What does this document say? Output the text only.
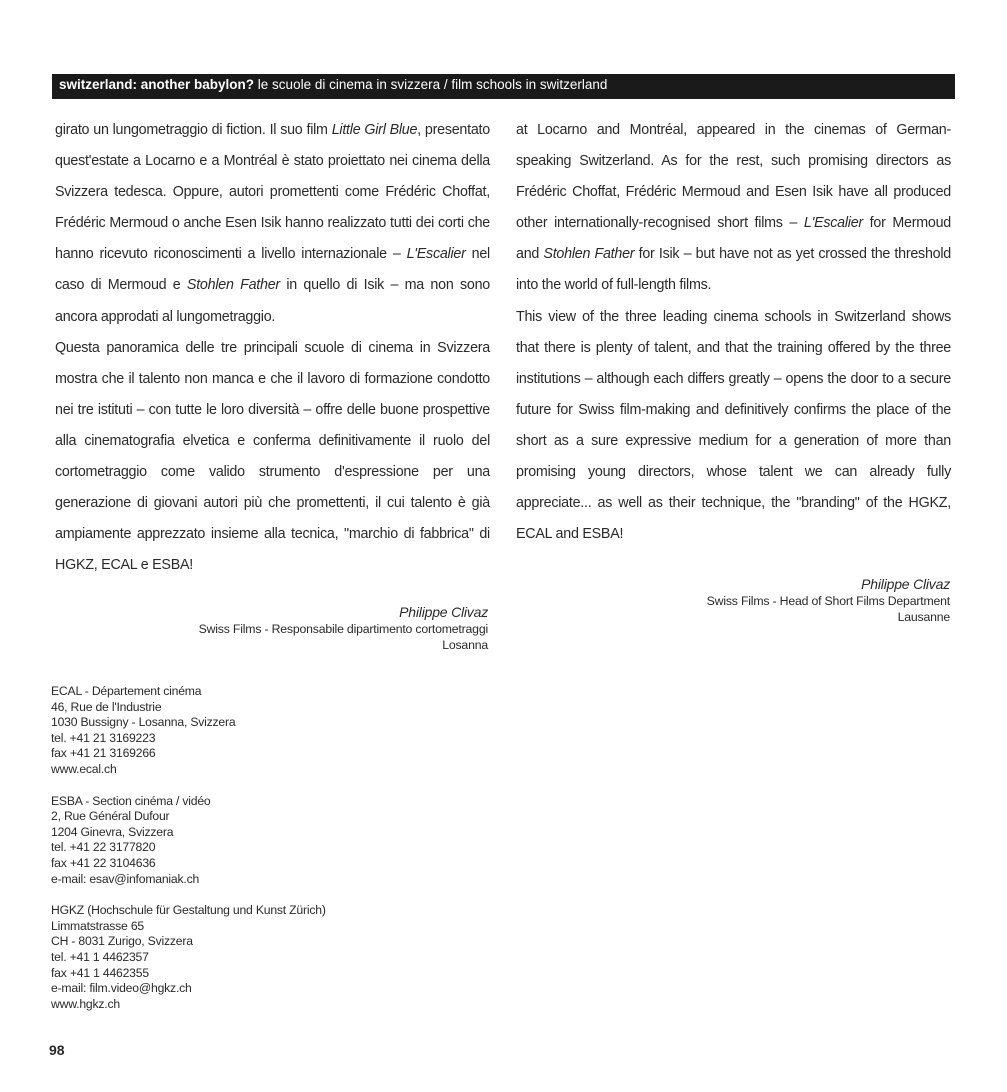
switzerland: another babylon? le scuole di cinema in svizzera / film schools in switzerland

girato un lungometraggio di fiction. Il suo film Little Girl Blue, presentato quest'estate a Locarno e a Montréal è stato proiettato nei cinema della Svizzera tedesca. Oppure, autori promettenti come Frédéric Choffat, Frédéric Mermoud o anche Esen Isik hanno realizzato tutti dei corti che hanno ricevuto riconoscimenti a livello internazionale – L'Escalier nel caso di Mermoud e Stohlen Father in quello di Isik – ma non sono ancora approdati al lungometraggio.

Questa panoramica delle tre principali scuole di cinema in Svizzera mostra che il talento non manca e che il lavoro di formazione condotto nei tre istituti – con tutte le loro diversità – offre delle buone prospettive alla cinematografia elvetica e conferma definitivamente il ruolo del cortometraggio come valido strumento d'espressione per una generazione di giovani autori più che promettenti, il cui talento è già ampiamente apprezzato insieme alla tecnica, "marchio di fabbrica" di HGKZ, ECAL e ESBA!

at Locarno and Montréal, appeared in the cinemas of German-speaking Switzerland. As for the rest, such promising directors as Frédéric Choffat, Frédéric Mermoud and Esen Isik have all produced other internationally-recognised short films – L'Escalier for Mermoud and Stohlen Father for Isik – but have not as yet crossed the threshold into the world of full-length films.

This view of the three leading cinema schools in Switzerland shows that there is plenty of talent, and that the training offered by the three institutions – although each differs greatly – opens the door to a secure future for Swiss film-making and definitively confirms the place of the short as a sure expressive medium for a generation of more than promising young directors, whose talent we can already fully appreciate... as well as their technique, the "branding" of the HGKZ, ECAL and ESBA!

Philippe Clivaz
Swiss Films - Responsabile dipartimento cortometraggi
Losanna
Philippe Clivaz
Swiss Films - Head of Short Films Department
Lausanne
ECAL - Département cinéma
46, Rue de l'Industrie
1030 Bussigny - Losanna, Svizzera
tel. +41 21 3169223
fax +41 21 3169266
www.ecal.ch
ESBA - Section cinéma / vidéo
2, Rue Général Dufour
1204 Ginevra, Svizzera
tel. +41 22 3177820
fax +41 22 3104636
e-mail: esav@infomaniak.ch
HGKZ (Hochschule für Gestaltung und Kunst Zürich)
Limmatstrasse 65
CH - 8031 Zurigo, Svizzera
tel. +41 1 4462357
fax +41 1 4462355
e-mail: film.video@hgkz.ch
www.hgkz.ch
98
